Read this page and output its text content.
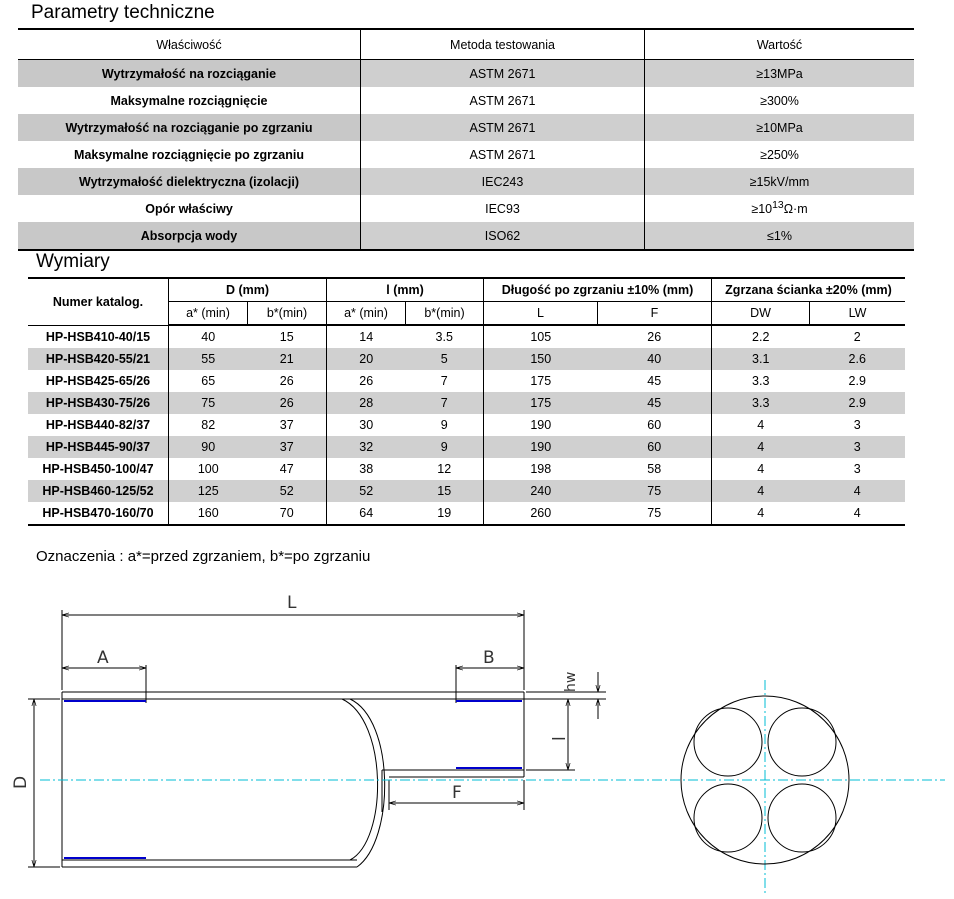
Parametry techniczne
Właściwość	Metoda testowania	Wartość
Wytrzymałość na rozciąganie	ASTM 2671	≥13MPa
Maksymalne rozciągnięcie	ASTM 2671	≥300%
Wytrzymałość na rozciąganie po zgrzaniu	ASTM 2671	≥10MPa
Maksymalne rozciągnięcie po zgrzaniu	ASTM 2671	≥250%
Wytrzymałość dielektryczna (izolacji)	IEC243	≥15kV/mm
Opór właściwy	IEC93	$\ge 10^{13}\Omega\cdot m$
Absorpcja wody	ISO62	≤1%
Wymiary
Numer katalog.	D (mm)		l (mm)		Długość po zgrzaniu ±10% (mm)		Zgrzana ścianka ±20% (mm)	
	a* (min)	b*(min)	a* (min)	b*(min)	L	F	DW	LW
HP-HSB410-40/15	40	15	14	3.5	105	26	2.2	2
HP-HSB420-55/21	55	21	20	5	150	40	3.1	2.6
HP-HSB425-65/26	65	26	26	7	175	45	3.3	2.9
HP-HSB430-75/26	75	26	28	7	175	45	3.3	2.9
HP-HSB440-82/37	82	37	30	9	190	60	4	3
HP-HSB445-90/37	90	37	32	9	190	60	4	3
HP-HSB450-100/47	100	47	38	12	198	58	4	3
HP-HSB460-125/52	125	52	52	15	240	75	4	4
HP-HSB470-160/70	160	70	64	19	260	75	4	4
Oznaczenia : a*=przed zgrzaniem, b*=po zgrzaniu
L
A	B
F
hw
l
D
